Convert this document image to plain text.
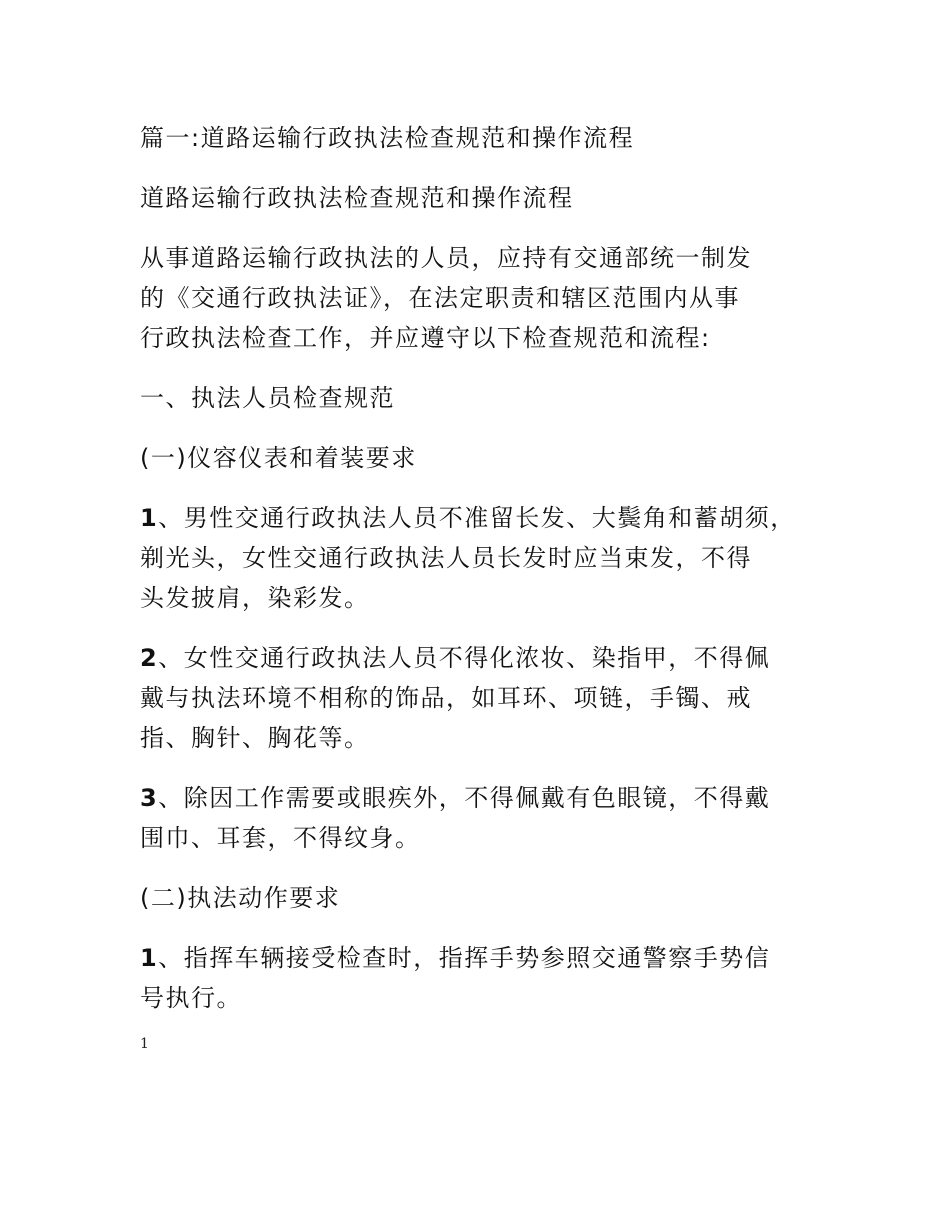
篇一:道路运输行政执法检查规范和操作流程

道路运输行政执法检查规范和操作流程

从事道路运输行政执法的人员，应持有交通部统一制发
的《交通行政执法证》，在法定职责和辖区范围内从事
行政执法检查工作，并应遵守以下检查规范和流程:

一、执法人员检查规范

(一)仪容仪表和着装要求

1、男性交通行政执法人员不准留长发、大鬓角和蓄胡须，
剃光头，女性交通行政执法人员长发时应当束发，不得
头发披肩，染彩发。

2、女性交通行政执法人员不得化浓妆、染指甲，不得佩
戴与执法环境不相称的饰品，如耳环、项链，手镯、戒
指、胸针、胸花等。

3、除因工作需要或眼疾外，不得佩戴有色眼镜，不得戴
围巾、耳套，不得纹身。

(二)执法动作要求

1、指挥车辆接受检查时，指挥手势参照交通警察手势信
号执行。

1
